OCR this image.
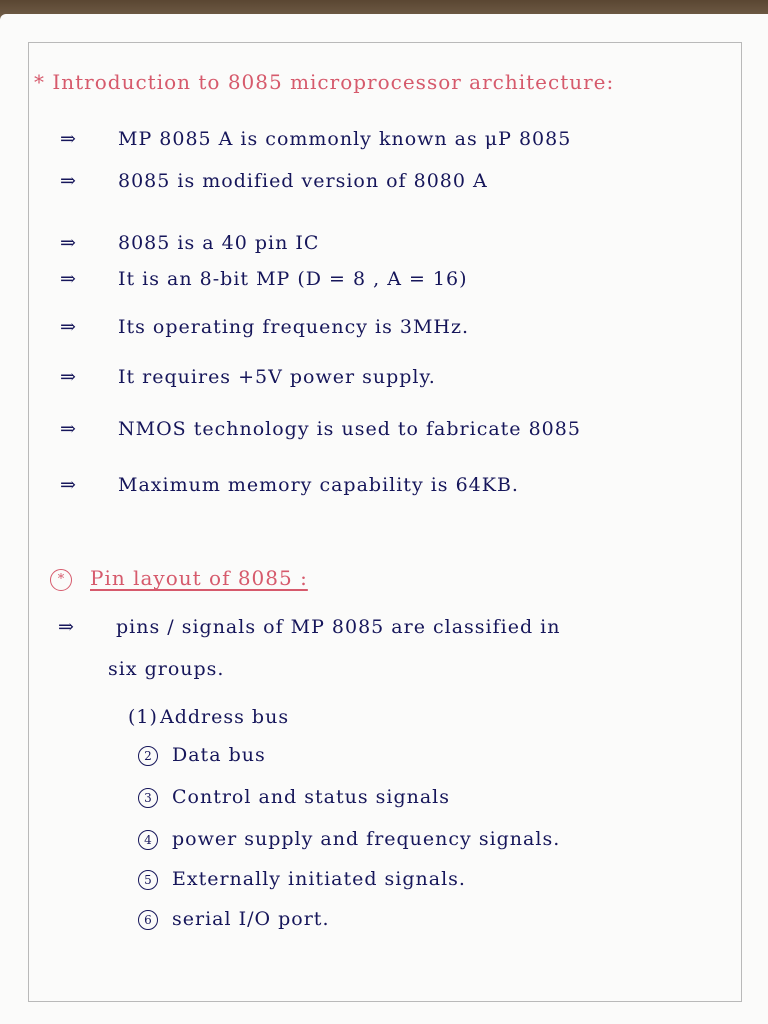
* Introduction to 8085 microprocessor architecture:
⇒ MP 8085 A is commonly known as μP 8085
⇒ 8085 is modified version of 8080 A
⇒ 8085 is a 40 pin IC
⇒ It is an 8-bit MP (D = 8 , A = 16)
⇒ Its operating frequency is 3MHz.
⇒ It requires +5V power supply.
⇒ NMOS technology is used to fabricate 8085
⇒ Maximum memory capability is 64KB.
* Pin layout of 8085 :
⇒ pins / signals of MP 8085 are classified in
six groups.
(1) Address bus
2 Data bus
3 Control and status signals
4 power supply and frequency signals.
5 Externally initiated signals.
6 serial I/O port.
